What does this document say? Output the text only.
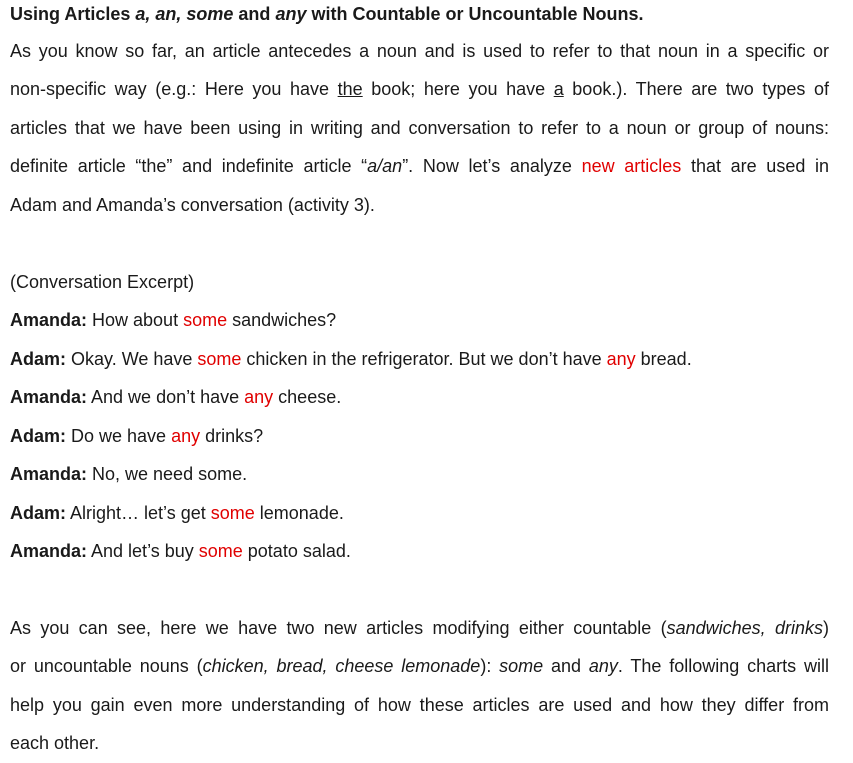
Using Articles a, an, some and any with Countable or Uncountable Nouns.
As you know so far, an article antecedes a noun and is used to refer to that noun in a specific or
non-specific way (e.g.: Here you have the book; here you have a book.). There are two types of
articles that we have been using in writing and conversation to refer to a noun or group of nouns:
definite article “the” and indefinite article “a/an”. Now let’s analyze new articles that are used in
Adam and Amanda’s conversation (activity 3).
(Conversation Excerpt)
Amanda: How about some sandwiches?
Adam: Okay. We have some chicken in the refrigerator. But we don’t have any bread.
Amanda: And we don’t have any cheese.
Adam: Do we have any drinks?
Amanda: No, we need some.
Adam: Alright… let’s get some lemonade.
Amanda: And let’s buy some potato salad.
As you can see, here we have two new articles modifying either countable (sandwiches, drinks)
or uncountable nouns (chicken, bread, cheese lemonade): some and any. The following charts will
help you gain even more understanding of how these articles are used and how they differ from
each other.
